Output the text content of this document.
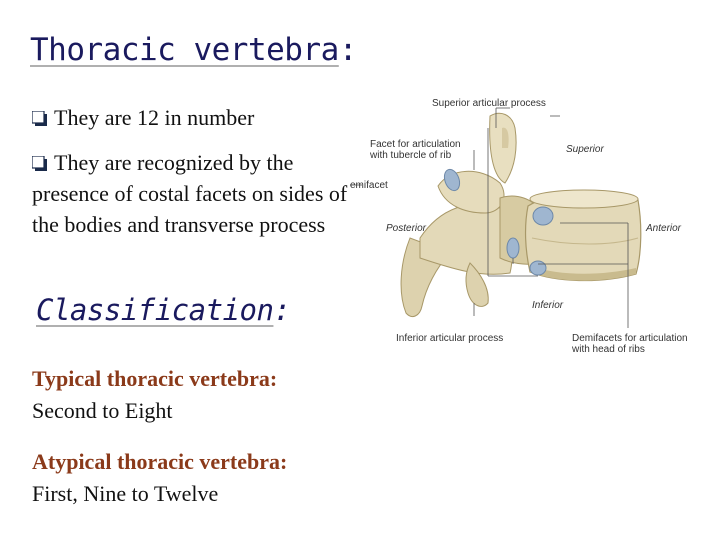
Thoracic vertebra:
They are 12 in number
They are recognized by the presence of costal facets on sides of the bodies and transverse process
Classification:
Typical thoracic vertebra:
Second to Eight
Atypical thoracic vertebra:
First, Nine to Twelve
Superior articular process
Facet for articulation
with tubercle of rib
Superior
emifacet
Posterior	Anterior
Inferior
Inferior articular process	Demifacets for articulation
with head of ribs
